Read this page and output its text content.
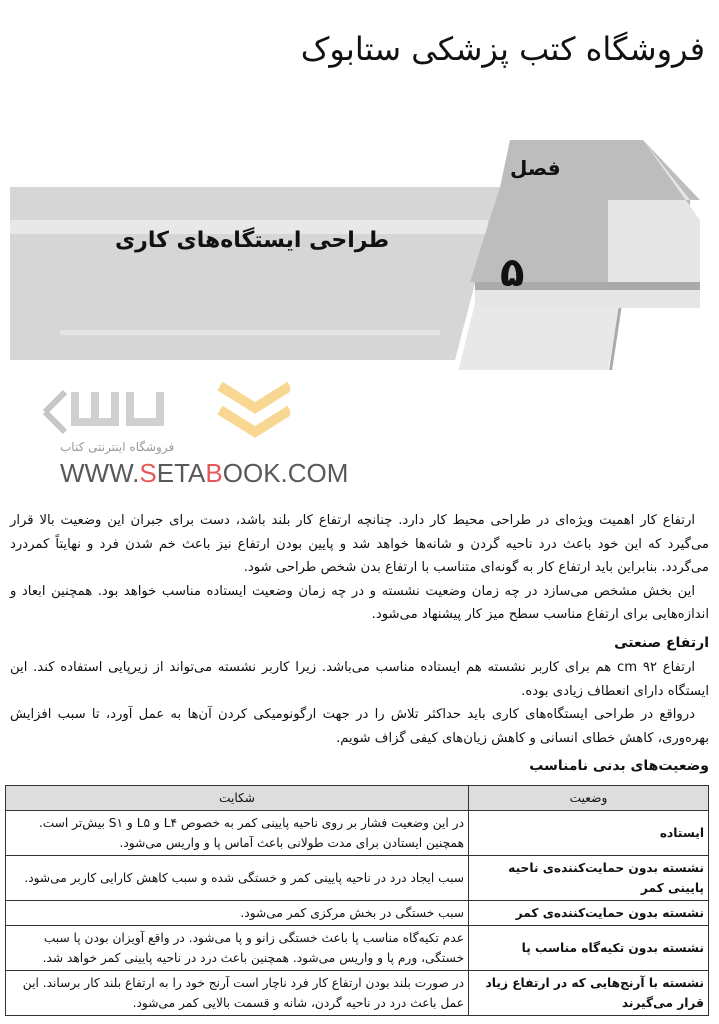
فروشگاه کتب پزشکی ستابوک
فصل
۵
طراحی ایستگاه‌های کاری
فروشگاه اینترنتی کتاب
WWW.SETABOOK.COM

ارتفاع کار اهمیت ویژه‌ای در طراحی محیط کار دارد. چنانچه ارتفاع کار بلند باشد، دست برای جبران این وضعیت بالا قرار می‌گیرد که این خود باعث درد ناحیه گردن و شانه‌ها خواهد شد و پایین بودن ارتفاع نیز باعث خم شدن فرد و نهایتاً کمردرد می‌گردد. بنابراین باید ارتفاع کار به گونه‌ای متناسب با ارتفاع بدن شخص طراحی شود.

این بخش مشخص می‌سازد در چه زمان وضعیت نشسته و در چه زمان وضعیت ایستاده مناسب خواهد بود. همچنین ابعاد و اندازه‌هایی برای ارتفاع مناسب سطح میز کار پیشنهاد می‌شود.

ارتفاع صنعتی

ارتفاع ۹۲ cm هم برای کاربر نشسته هم ایستاده مناسب می‌باشد. زیرا کاربر نشسته می‌تواند از زیرپایی استفاده کند. این ایستگاه دارای انعطاف زیادی بوده.

درواقع در طراحی ایستگاه‌های کاری باید حداکثر تلاش را در جهت ارگونومیکی کردن آن‌ها به عمل آورد، تا سبب افزایش بهره‌وری، کاهش خطای انسانی و کاهش زیان‌های کیفی گزاف شویم.

وضعیت‌های بدنی نامناسب
وضعیت	شکایت
ایستاده	در این وضعیت فشار بر روی ناحیه پایینی کمر به خصوص L۴ و L۵ و S۱ بیش‌تر است. همچنین ایستادن برای مدت طولانی باعث آماس پا و واریس می‌شود.
نشسته بدون حمایت‌کننده‌ی ناحیه پایینی کمر	سبب ایجاد درد در ناحیه پایینی کمر و خستگی شده و سبب کاهش کارایی کاربر می‌شود.
نشسته بدون حمایت‌کننده‌ی کمر	سبب خستگی در بخش مرکزی کمر می‌شود.
نشسته بدون تکیه‌گاه مناسب پا	عدم تکیه‌گاه مناسب پا باعث خستگی زانو و پا می‌شود. در واقع آویزان بودن پا سبب خستگی، ورم پا و واریس می‌شود. همچنین باعث درد در ناحیه پایینی کمر خواهد شد.
نشسته با آرنج‌هایی که در ارتفاع زیاد قرار می‌گیرند	در صورت بلند بودن ارتفاع کار فرد ناچار است آرنج خود را به ارتفاع بلند کار برساند. این عمل باعث درد در ناحیه گردن، شانه و قسمت بالایی کمر می‌شود.
